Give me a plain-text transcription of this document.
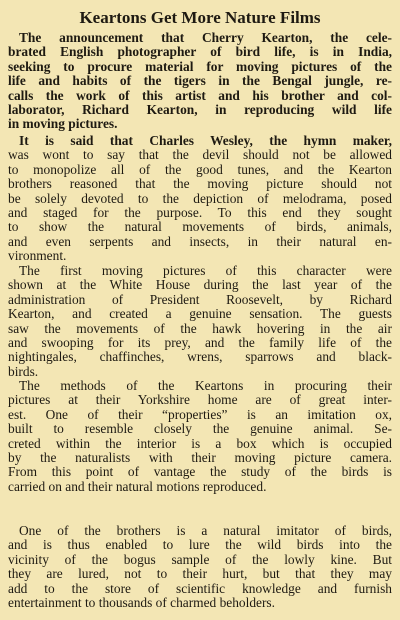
Keartons Get More Nature Films
The announcement that Cherry Kearton, the cele-
brated English photographer of bird life, is in India,
seeking to procure material for moving pictures of the
life and habits of the tigers in the Bengal jungle, re-
calls the work of this artist and his brother and col-
laborator, Richard Kearton, in reproducing wild life
in moving pictures.
It is said that Charles Wesley, the hymn maker,
was wont to say that the devil should not be allowed
to monopolize all of the good tunes, and the Kearton
brothers reasoned that the moving picture should not
be solely devoted to the depiction of melodrama, posed
and staged for the purpose. To this end they sought
to show the natural movements of birds, animals,
and even serpents and insects, in their natural en-
vironment.
The first moving pictures of this character were
shown at the White House during the last year of the
administration of President Roosevelt, by Richard
Kearton, and created a genuine sensation. The guests
saw the movements of the hawk hovering in the air
and swooping for its prey, and the family life of the
nightingales, chaffinches, wrens, sparrows and black-
birds.
The methods of the Keartons in procuring their
pictures at their Yorkshire home are of great inter-
est. One of their “properties” is an imitation ox,
built to resemble closely the genuine animal. Se-
creted within the interior is a box which is occupied
by the naturalists with their moving picture camera.
From this point of vantage the study of the birds is
carried on and their natural motions reproduced.
One of the brothers is a natural imitator of birds,
and is thus enabled to lure the wild birds into the
vicinity of the bogus sample of the lowly kine. But
they are lured, not to their hurt, but that they may
add to the store of scientific knowledge and furnish
entertainment to thousands of charmed beholders.
